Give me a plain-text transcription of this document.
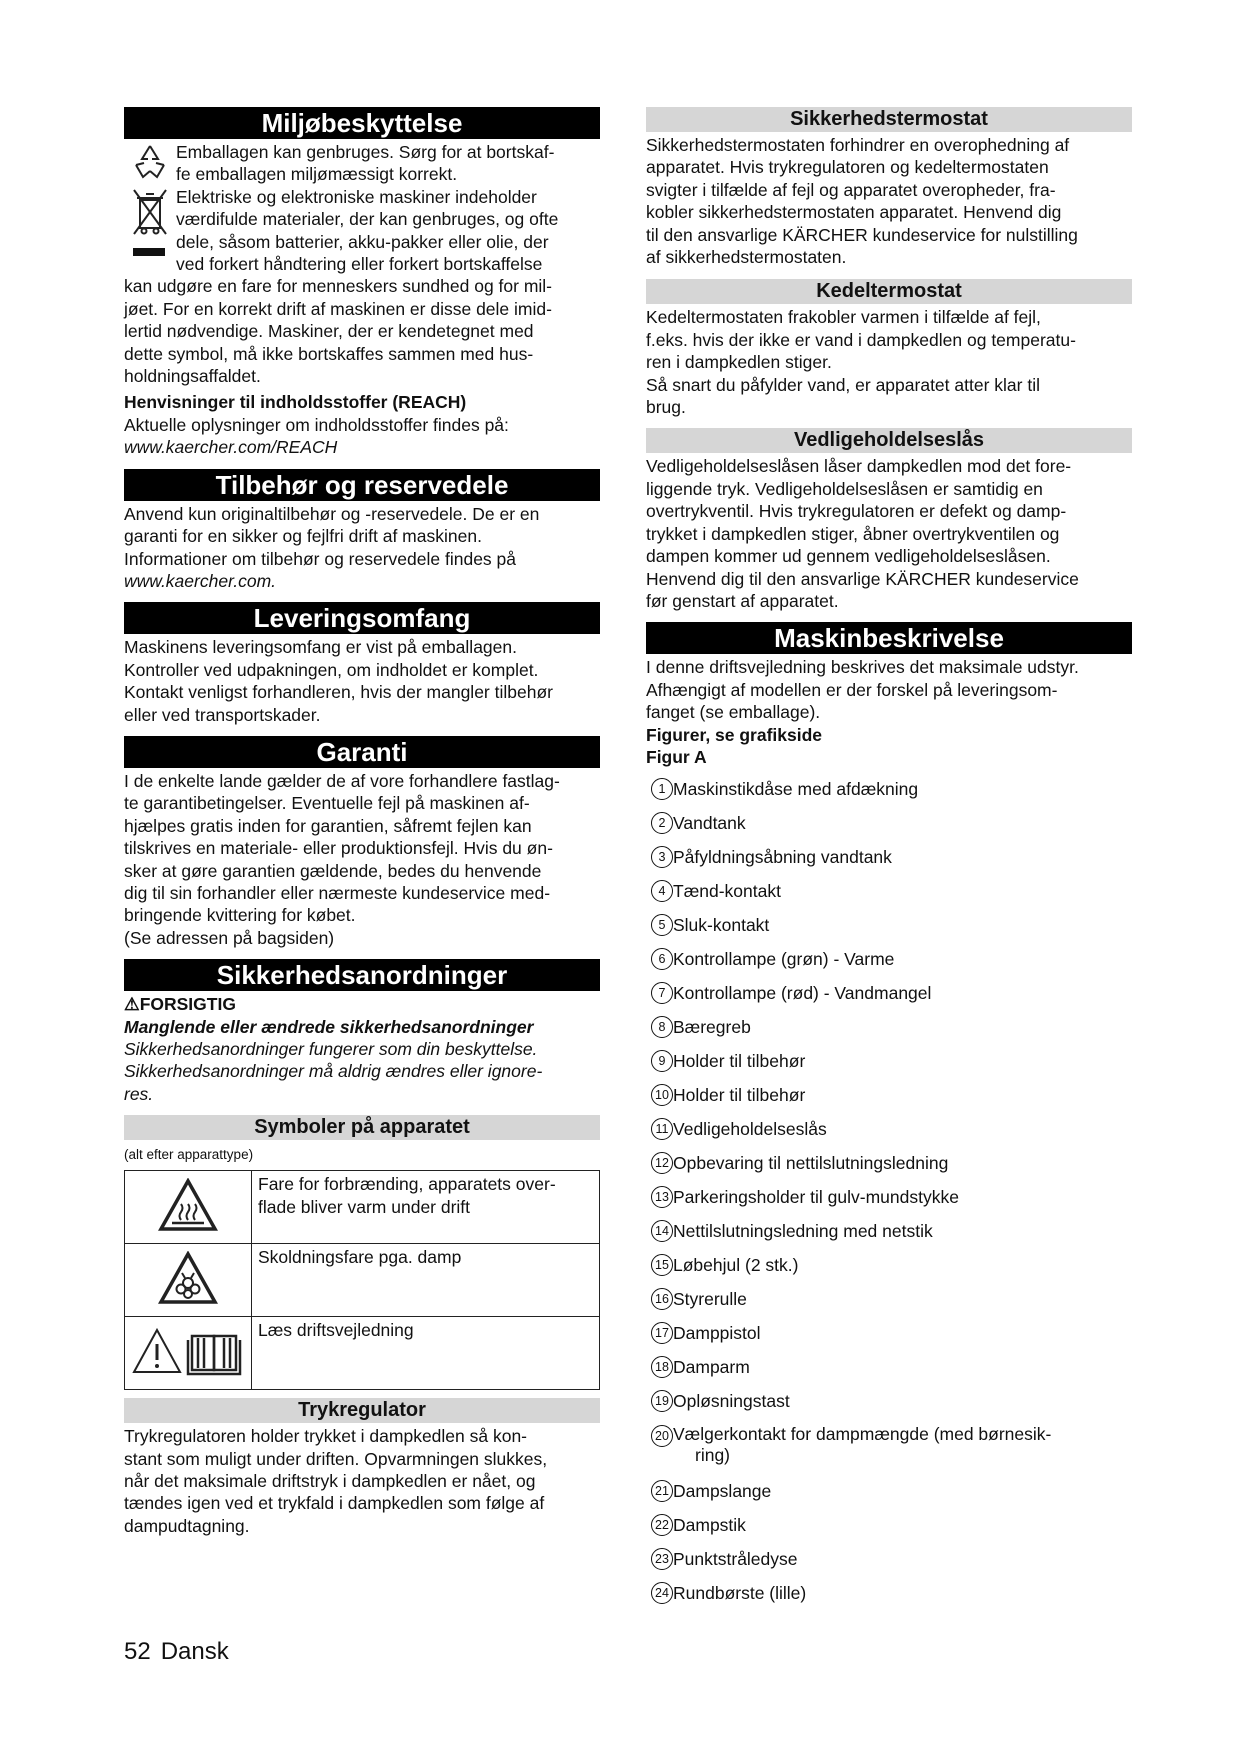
Miljøbeskyttelse

Emballagen kan genbruges. Sørg for at bortskaf-

fe emballagen miljømæssigt korrekt.

Elektriske og elektroniske maskiner indeholder

værdifulde materialer, der kan genbruges, og ofte

dele, såsom batterier, akku-pakker eller olie, der

ved forkert håndtering eller forkert bortskaffelse

kan udgøre en fare for menneskers sundhed og for mil-

jøet. For en korrekt drift af maskinen er disse dele imid-

lertid nødvendige. Maskiner, der er kendetegnet med

dette symbol, må ikke bortskaffes sammen med hus-

holdningsaffaldet.

Henvisninger til indholdsstoffer (REACH)

Aktuelle oplysninger om indholdsstoffer findes på:

www.kaercher.com/REACH

Tilbehør og reservedele

Anvend kun originaltilbehør og -reservedele. De er en

garanti for en sikker og fejlfri drift af maskinen.

Informationer om tilbehør og reservedele findes på

www.kaercher.com.

Leveringsomfang

Maskinens leveringsomfang er vist på emballagen.

Kontroller ved udpakningen, om indholdet er komplet.

Kontakt venligst forhandleren, hvis der mangler tilbehør

eller ved transportskader.

Garanti

I de enkelte lande gælder de af vore forhandlere fastlag-

te garantibetingelser. Eventuelle fejl på maskinen af-

hjælpes gratis inden for garantien, såfremt fejlen kan

tilskrives en materiale- eller produktionsfejl. Hvis du øn-

sker at gøre garantien gældende, bedes du henvende

dig til sin forhandler eller nærmeste kundeservice med-

bringende kvittering for købet.

(Se adressen på bagsiden)

Sikkerhedsanordninger

⚠FORSIGTIG

Manglende eller ændrede sikkerhedsanordninger

Sikkerhedsanordninger fungerer som din beskyttelse.

Sikkerhedsanordninger må aldrig ændres eller ignore-

res.

Symboler på apparatet

(alt efter apparattype)

Fare for forbrænding, apparatets over-
flade bliver varm under drift

Skoldningsfare pga. damp

Læs driftsvejledning
Trykregulator

Trykregulatoren holder trykket i dampkedlen så kon-

stant som muligt under driften. Opvarmningen slukkes,

når det maksimale driftstryk i dampkedlen er nået, og

tændes igen ved et trykfald i dampkedlen som følge af

dampudtagning.

Sikkerhedstermostat

Sikkerhedstermostaten forhindrer en overophedning af

apparatet. Hvis trykregulatoren og kedeltermostaten

svigter i tilfælde af fejl og apparatet overopheder, fra-

kobler sikkerhedstermostaten apparatet. Henvend dig

til den ansvarlige KÄRCHER kundeservice for nulstilling

af sikkerhedstermostaten.

Kedeltermostat

Kedeltermostaten frakobler varmen i tilfælde af fejl,

f.eks. hvis der ikke er vand i dampkedlen og temperatu-

ren i dampkedlen stiger.

Så snart du påfylder vand, er apparatet atter klar til

brug.

Vedligeholdelseslås

Vedligeholdelseslåsen låser dampkedlen mod det fore-

liggende tryk. Vedligeholdelseslåsen er samtidig en

overtrykventil. Hvis trykregulatoren er defekt og damp-

trykket i dampkedlen stiger, åbner overtrykventilen og

dampen kommer ud gennem vedligeholdelseslåsen.

Henvend dig til den ansvarlige KÄRCHER kundeservice

før genstart af apparatet.

Maskinbeskrivelse

I denne driftsvejledning beskrives det maksimale udstyr.

Afhængigt af modellen er der forskel på leveringsom-

fanget (se emballage).

Figurer, se grafikside

Figur A

1 Maskinstikdåse med afdækning
2 Vandtank
3 Påfyldningsåbning vandtank
4 Tænd-kontakt
5 Sluk-kontakt
6 Kontrollampe (grøn) - Varme
7 Kontrollampe (rød) - Vandmangel
8 Bæregreb
9 Holder til tilbehør
10 Holder til tilbehør
11 Vedligeholdelseslås
12 Opbevaring til nettilslutningsledning
13 Parkeringsholder til gulv-mundstykke
14 Nettilslutningsledning med netstik
15 Løbehjul (2 stk.)
16 Styrerulle
17 Damppistol
18 Damparm
19 Opløsningstast
20 Vælgerkontakt for dampmængde (med børnesik-
ring)
21 Dampslange
22 Dampstik
23 Punktstråledyse
24 Rundbørste (lille)
52 Dansk
